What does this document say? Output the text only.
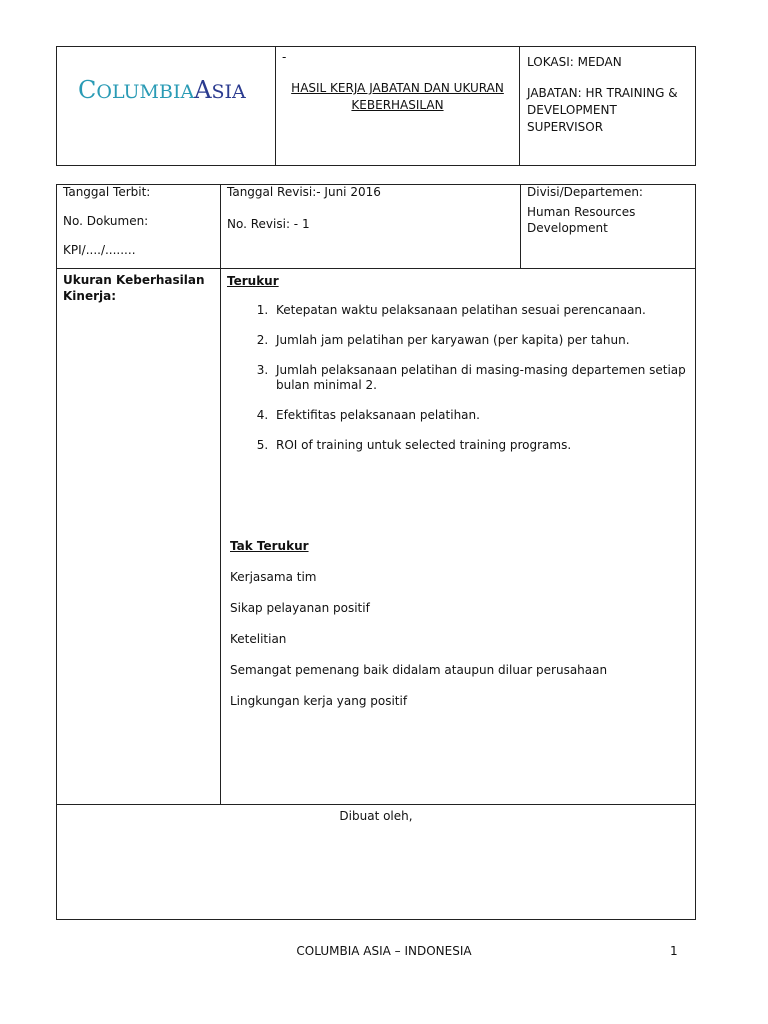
COLUMBIAASIA
-
HASIL KERJA JABATAN DAN UKURAN KEBERHASILAN
LOKASI: MEDAN
JABATAN: HR TRAINING & DEVELOPMENT SUPERVISOR
Tanggal Terbit:
No. Dokumen:
KPI/..../........
Tanggal Revisi:- Juni 2016
No. Revisi: - 1
Divisi/Departemen:
Human Resources Development
Ukuran Keberhasilan Kinerja:
Terukur
1. Ketepatan waktu pelaksanaan pelatihan sesuai perencanaan.
2. Jumlah jam pelatihan per karyawan (per kapita) per tahun.
3. Jumlah pelaksanaan pelatihan di masing-masing departemen setiap bulan minimal 2.
4. Efektifitas pelaksanaan pelatihan.
5. ROI of training untuk selected training programs.
Tak Terukur
Kerjasama tim
Sikap pelayanan positif
Ketelitian
Semangat pemenang baik didalam ataupun diluar perusahaan
Lingkungan kerja yang positif
Dibuat oleh,
COLUMBIA ASIA – INDONESIA	1
